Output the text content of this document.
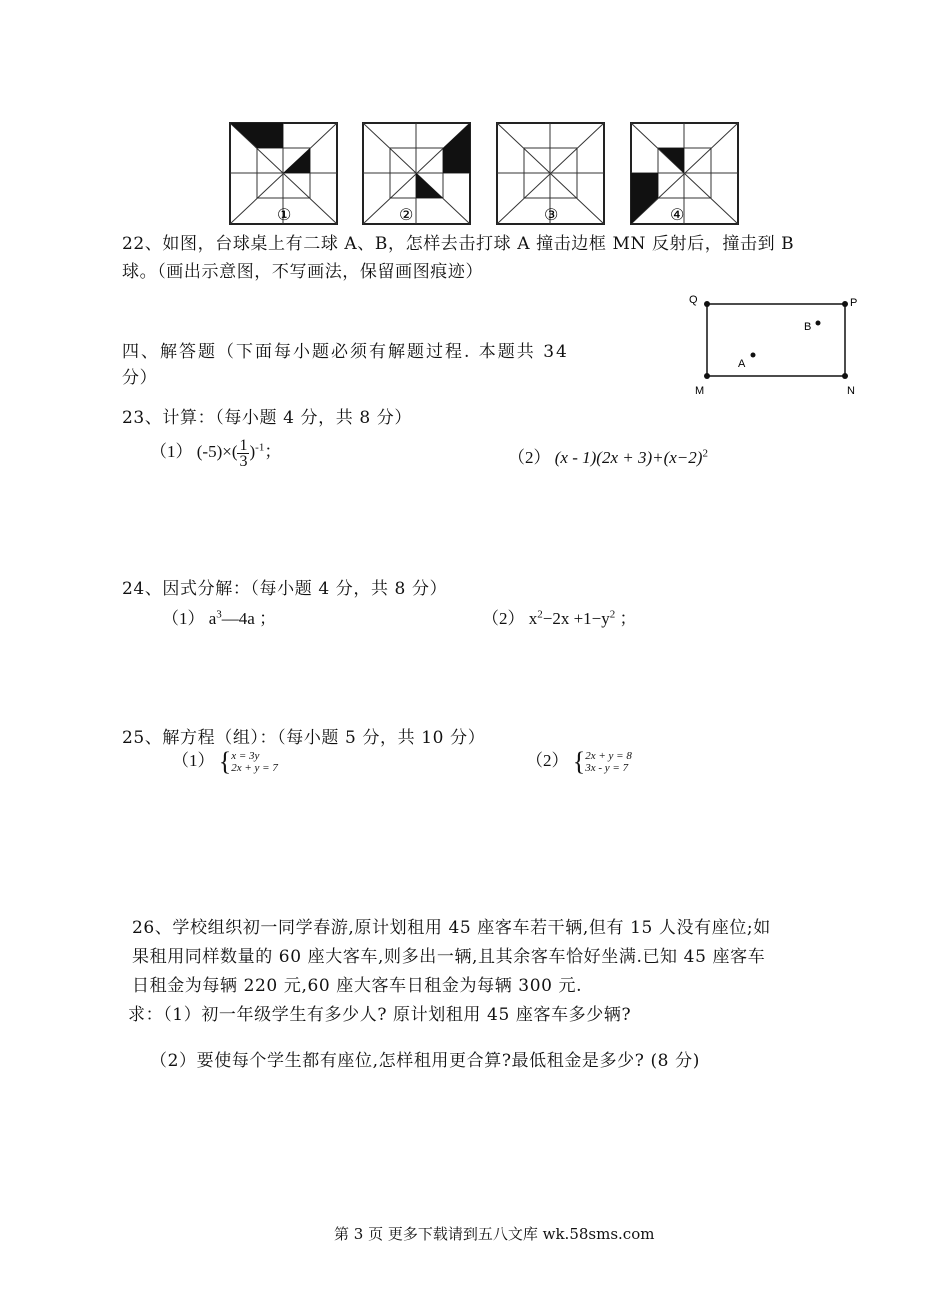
①	②	③	④
22、如图，台球桌上有二球 A、B，怎样去击打球 A 撞击边框 MN 反射后，撞击到 B
球。（画出示意图，不写画法，保留画图痕迹）
Q	P
M	N
B
A
四、解答题（下面每小题必须有解题过程. 本题共 34
分）
23、计算：（每小题 4 分，共 8 分）
（1） $(-5)\times( \frac{1}{3} )^{-1}$；	（2） $(x - 1)(2x + 3)+(x-2)^2$
24、因式分解：（每小题 4 分，共 8 分）
（1） $a^3—4a$ ；	（2） $x^2-2x +1-y^2$ ；
25、解方程（组）：（每小题 5 分，共 10 分）
（1） { x = 3y
2x + y = 7	（2） { 2x + y = 8
3x - y = 7
26、学校组织初一同学春游,原计划租用 45 座客车若干辆,但有 15 人没有座位;如
果租用同样数量的 60 座大客车,则多出一辆,且其余客车恰好坐满.已知 45 座客车
日租金为每辆 220 元,60 座大客车日租金为每辆 300 元.
求：（1）初一年级学生有多少人? 原计划租用 45 座客车多少辆?
（2）要使每个学生都有座位,怎样租用更合算?最低租金是多少? (8 分)
第 3 页 更多下载请到五八文库 wk.58sms.com
